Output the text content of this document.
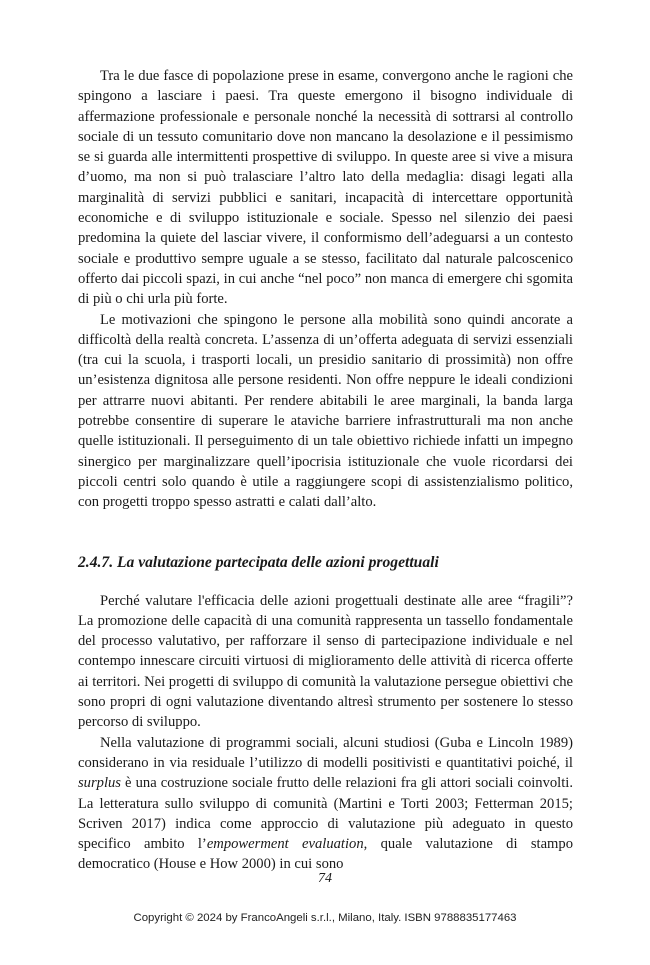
Tra le due fasce di popolazione prese in esame, convergono anche le ragioni che spingono a lasciare i paesi. Tra queste emergono il bisogno individuale di affermazione professionale e personale nonché la necessità di sottrarsi al controllo sociale di un tessuto comunitario dove non mancano la desolazione e il pessimismo se si guarda alle intermittenti prospettive di sviluppo. In queste aree si vive a misura d’uomo, ma non si può tralasciare l’altro lato della medaglia: disagi legati alla marginalità di servizi pubblici e sanitari, incapacità di intercettare opportunità economiche e di sviluppo istituzionale e sociale. Spesso nel silenzio dei paesi predomina la quiete del lasciar vivere, il conformismo dell’adeguarsi a un contesto sociale e produttivo sempre uguale a se stesso, facilitato dal naturale palcoscenico offerto dai piccoli spazi, in cui anche “nel poco” non manca di emergere chi sgomita di più o chi urla più forte.

Le motivazioni che spingono le persone alla mobilità sono quindi ancorate a difficoltà della realtà concreta. L’assenza di un’offerta adeguata di servizi essenziali (tra cui la scuola, i trasporti locali, un presidio sanitario di prossimità) non offre un’esistenza dignitosa alle persone residenti. Non offre neppure le ideali condizioni per attrarre nuovi abitanti. Per rendere abitabili le aree marginali, la banda larga potrebbe consentire di superare le ataviche barriere infrastrutturali ma non anche quelle istituzionali. Il perseguimento di un tale obiettivo richiede infatti un impegno sinergico per marginalizzare quell’ipocrisia istituzionale che vuole ricordarsi dei piccoli centri solo quando è utile a raggiungere scopi di assistenzialismo politico, con progetti troppo spesso astratti e calati dall’alto.

2.4.7. La valutazione partecipata delle azioni progettuali

Perché valutare l'efficacia delle azioni progettuali destinate alle aree “fragili”? La promozione delle capacità di una comunità rappresenta un tassello fondamentale del processo valutativo, per rafforzare il senso di partecipazione individuale e nel contempo innescare circuiti virtuosi di miglioramento delle attività di ricerca offerte ai territori. Nei progetti di sviluppo di comunità la valutazione persegue obiettivi che sono propri di ogni valutazione diventando altresì strumento per sostenere lo stesso percorso di sviluppo.

Nella valutazione di programmi sociali, alcuni studiosi (Guba e Lincoln 1989) considerano in via residuale l’utilizzo di modelli positivisti e quantitativi poiché, il surplus è una costruzione sociale frutto delle relazioni fra gli attori sociali coinvolti. La letteratura sullo sviluppo di comunità (Martini e Torti 2003; Fetterman 2015; Scriven 2017) indica come approccio di valutazione più adeguato in questo specifico ambito l’empowerment evaluation, quale valutazione di stampo democratico (House e How 2000) in cui sono

74
Copyright © 2024 by FrancoAngeli s.r.l., Milano, Italy. ISBN 9788835177463
